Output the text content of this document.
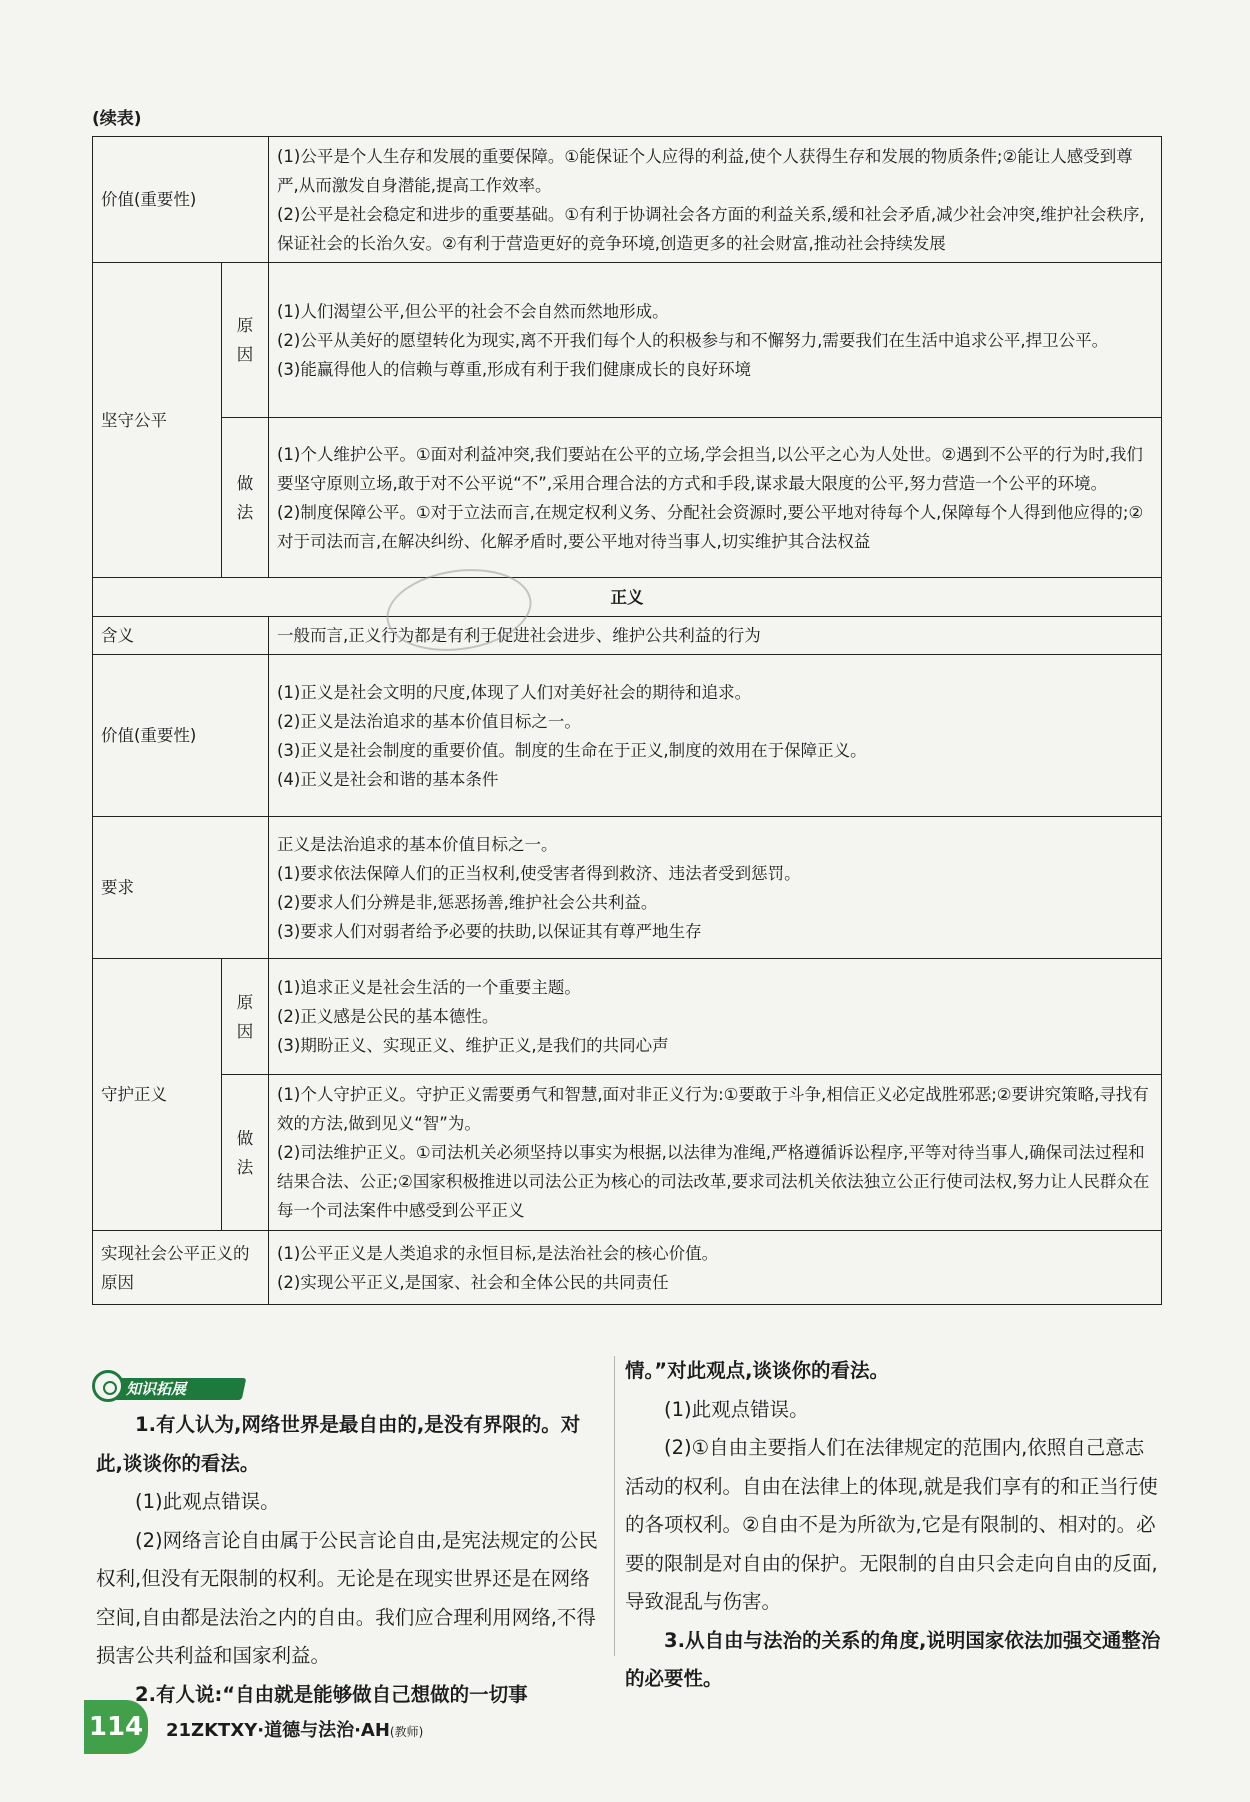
(续表)
价值(重要性)		(1)公平是个人生存和发展的重要保障。①能保证个人应得的利益,使个人获得生存和发展的物质条件;②能让人感受到尊严,从而激发自身潜能,提高工作效率。

(2)公平是社会稳定和进步的重要基础。①有利于协调社会各方面的利益关系,缓和社会矛盾,减少社会冲突,维护社会秩序,保证社会的长治久安。②有利于营造更好的竞争环境,创造更多的社会财富,推动社会持续发展

坚守公平	原因	(1)人们渴望公平,但公平的社会不会自然而然地形成。

(2)公平从美好的愿望转化为现实,离不开我们每个人的积极参与和不懈努力,需要我们在生活中追求公平,捍卫公平。

(3)能赢得他人的信赖与尊重,形成有利于我们健康成长的良好环境

	做法	(1)个人维护公平。①面对利益冲突,我们要站在公平的立场,学会担当,以公平之心为人处世。②遇到不公平的行为时,我们要坚守原则立场,敢于对不公平说“不”,采用合理合法的方式和手段,谋求最大限度的公平,努力营造一个公平的环境。

(2)制度保障公平。①对于立法而言,在规定权利义务、分配社会资源时,要公平地对待每个人,保障每个人得到他应得的;②对于司法而言,在解决纠纷、化解矛盾时,要公平地对待当事人,切实维护其合法权益

正义		
含义		一般而言,正义行为都是有利于促进社会进步、维护公共利益的行为
价值(重要性)		(1)正义是社会文明的尺度,体现了人们对美好社会的期待和追求。

(2)正义是法治追求的基本价值目标之一。

(3)正义是社会制度的重要价值。制度的生命在于正义,制度的效用在于保障正义。

(4)正义是社会和谐的基本条件

要求		正义是法治追求的基本价值目标之一。

(1)要求依法保障人们的正当权利,使受害者得到救济、违法者受到惩罚。

(2)要求人们分辨是非,惩恶扬善,维护社会公共利益。

(3)要求人们对弱者给予必要的扶助,以保证其有尊严地生存

守护正义	原因	(1)追求正义是社会生活的一个重要主题。

(2)正义感是公民的基本德性。

(3)期盼正义、实现正义、维护正义,是我们的共同心声

	做法	(1)个人守护正义。守护正义需要勇气和智慧,面对非正义行为:①要敢于斗争,相信正义必定战胜邪恶;②要讲究策略,寻找有效的方法,做到见义“智”为。

(2)司法维护正义。①司法机关必须坚持以事实为根据,以法律为准绳,严格遵循诉讼程序,平等对待当事人,确保司法过程和结果合法、公正;②国家积极推进以司法公正为核心的司法改革,要求司法机关依法独立公正行使司法权,努力让人民群众在每一个司法案件中感受到公平正义

实现社会公平正义的原因		(1)公平正义是人类追求的永恒目标,是法治社会的核心价值。

(2)实现公平正义,是国家、社会和全体公民的共同责任

知识拓展

1.有人认为,网络世界是最自由的,是没有界限的。对此,谈谈你的看法。

(1)此观点错误。

(2)网络言论自由属于公民言论自由,是宪法规定的公民权利,但没有无限制的权利。无论是在现实世界还是在网络空间,自由都是法治之内的自由。我们应合理利用网络,不得损害公共利益和国家利益。

2.有人说:“自由就是能够做自己想做的一切事

情。”对此观点,谈谈你的看法。

(1)此观点错误。

(2)①自由主要指人们在法律规定的范围内,依照自己意志活动的权利。自由在法律上的体现,就是我们享有的和正当行使的各项权利。②自由不是为所欲为,它是有限制的、相对的。必要的限制是对自由的保护。无限制的自由只会走向自由的反面,导致混乱与伤害。

3.从自由与法治的关系的角度,说明国家依法加强交通整治的必要性。

114 21ZKTXY·道德与法治·AH(教师)
